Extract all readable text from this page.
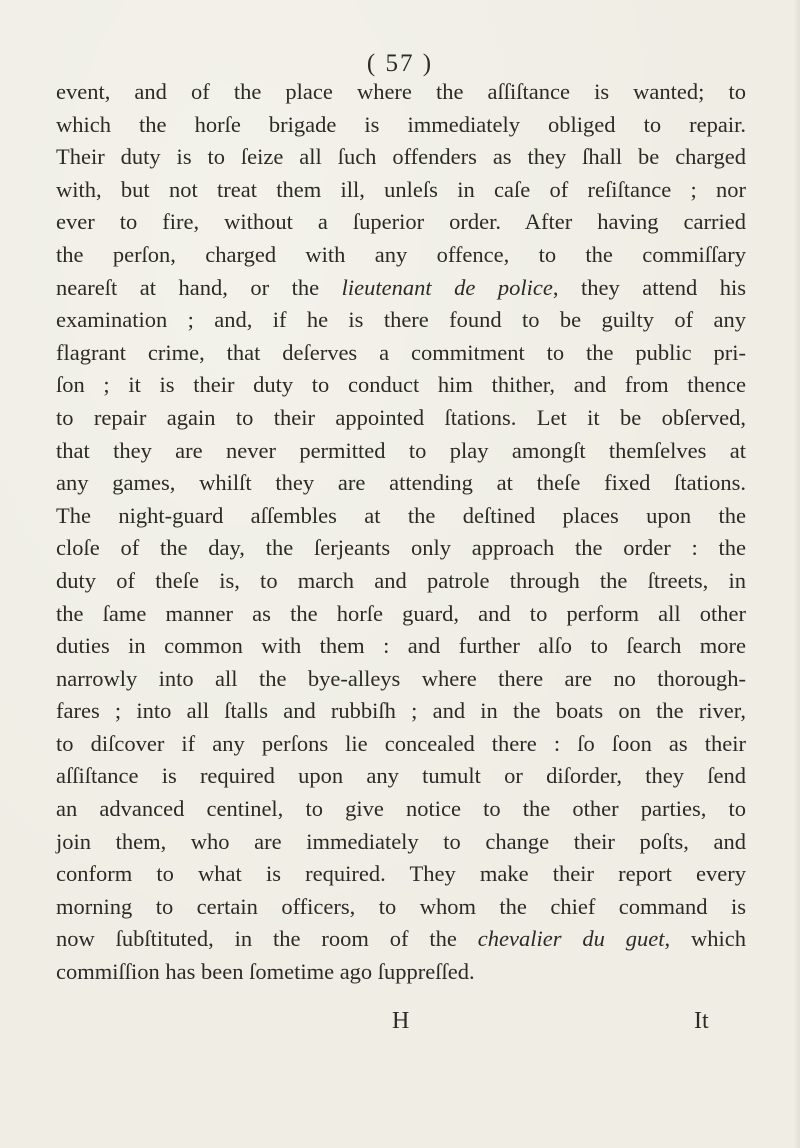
( 57 )
event, and of the place where the aſſiſtance is wanted; to
which the horſe brigade is immediately obliged to repair.
Their duty is to ſeize all ſuch offenders as they ſhall be charged
with, but not treat them ill, unleſs in caſe of reſiſtance ; nor
ever to fire, without a ſuperior order. After having carried
the perſon, charged with any offence, to the commiſſary
neareſt at hand, or the lieutenant de police, they attend his
examination ; and, if he is there found to be guilty of any
flagrant crime, that deſerves a commitment to the public pri-
ſon ; it is their duty to conduct him thither, and from thence
to repair again to their appointed ſtations. Let it be obſerved,
that they are never permitted to play amongſt themſelves at
any games, whilſt they are attending at theſe fixed ſtations.
The night-guard aſſembles at the deſtined places upon the
cloſe of the day, the ſerjeants only approach the order : the
duty of theſe is, to march and patrole through the ſtreets, in
the ſame manner as the horſe guard, and to perform all other
duties in common with them : and further alſo to ſearch more
narrowly into all the bye-alleys where there are no thorough-
fares ; into all ſtalls and rubbiſh ; and in the boats on the river,
to diſcover if any perſons lie concealed there : ſo ſoon as their
aſſiſtance is required upon any tumult or diſorder, they ſend
an advanced centinel, to give notice to the other parties, to
join them, who are immediately to change their poſts, and
conform to what is required. They make their report every
morning to certain officers, to whom the chief command is
now ſubſtituted, in the room of the chevalier du guet, which
commiſſion has been ſometime ago ſuppreſſed.
H	It
